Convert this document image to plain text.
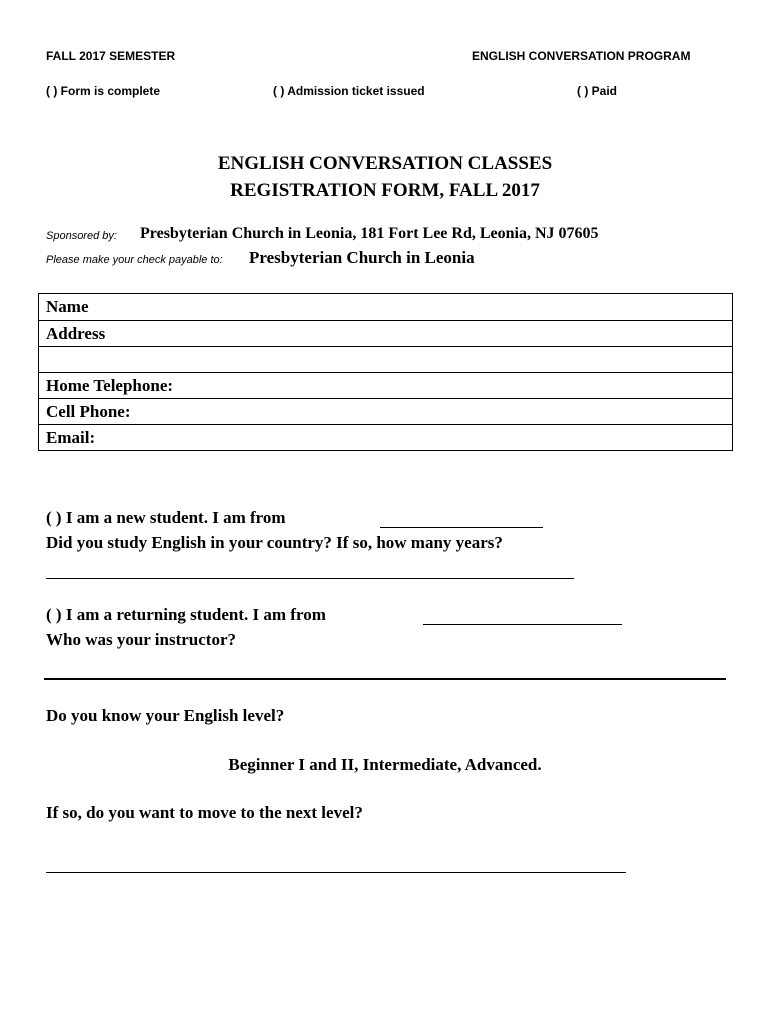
FALL 2017 SEMESTER	ENGLISH CONVERSATION PROGRAM
( ) Form is complete	( ) Admission ticket issued	( ) Paid
ENGLISH CONVERSATION CLASSES
REGISTRATION FORM, FALL 2017
Sponsored by: Presbyterian Church in Leonia, 181 Fort Lee Rd, Leonia, NJ 07605
Please make your check payable to: Presbyterian Church in Leonia
Name
Address
Home Telephone:
Cell Phone:
Email:
( ) I am a new student. I am from
Did you study English in your country? If so, how many years?
( ) I am a returning student. I am from
Who was your instructor?
Do you know your English level?
Beginner I and II, Intermediate, Advanced.
If so, do you want to move to the next level?
